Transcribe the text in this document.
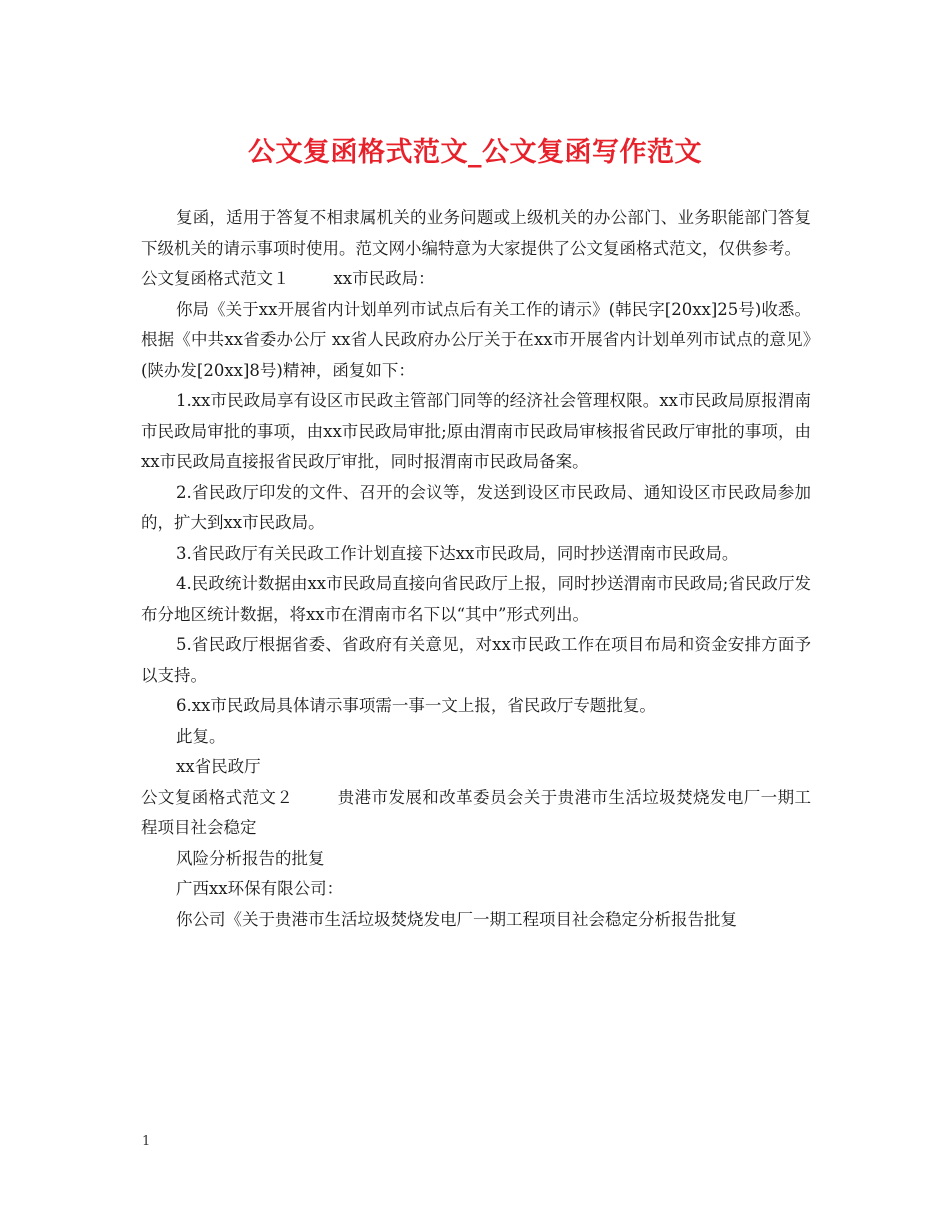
公文复函格式范文_公文复函写作范文

复函，适用于答复不相隶属机关的业务问题或上级机关的办公部门、业务职能部门答复下级机关的请示事项时使用。范文网小编特意为大家提供了公文复函格式范文，仅供参考。

公文复函格式范文１	xx市民政局：

你局《关于xx开展省内计划单列市试点后有关工作的请示》(韩民字[20xx]25号)收悉。根据《中共xx省委办公厅 xx省人民政府办公厅关于在xx市开展省内计划单列市试点的意见》(陕办发[20xx]8号)精神，函复如下：

1.xx市民政局享有设区市民政主管部门同等的经济社会管理权限。xx市民政局原报渭南市民政局审批的事项，由xx市民政局审批;原由渭南市民政局审核报省民政厅审批的事项，由xx市民政局直接报省民政厅审批，同时报渭南市民政局备案。

2.省民政厅印发的文件、召开的会议等，发送到设区市民政局、通知设区市民政局参加的，扩大到xx市民政局。

3.省民政厅有关民政工作计划直接下达xx市民政局，同时抄送渭南市民政局。

4.民政统计数据由xx市民政局直接向省民政厅上报，同时抄送渭南市民政局;省民政厅发布分地区统计数据，将xx市在渭南市名下以“其中”形式列出。

5.省民政厅根据省委、省政府有关意见，对xx市民政工作在项目布局和资金安排方面予以支持。

6.xx市民政局具体请示事项需一事一文上报，省民政厅专题批复。

此复。

xx省民政厅

公文复函格式范文２	贵港市发展和改革委员会关于贵港市生活垃圾焚烧发电厂一期工程项目社会稳定

风险分析报告的批复

广西xx环保有限公司：

你公司《关于贵港市生活垃圾焚烧发电厂一期工程项目社会稳定分析报告批复

1
